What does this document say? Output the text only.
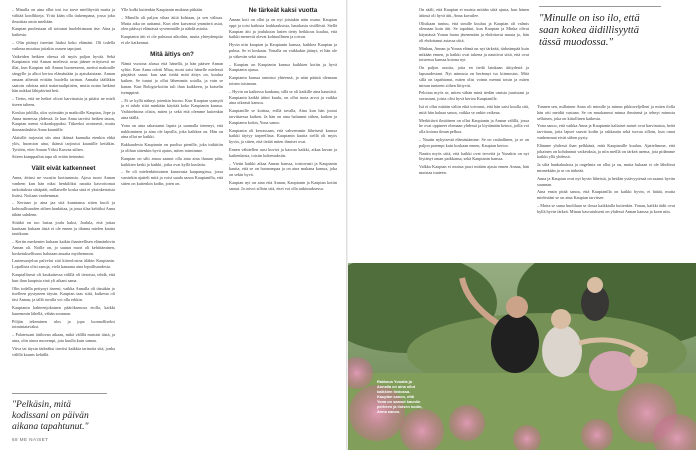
– Minulla on aina ollut tosi iso tarve mielihyvää muita ja välttää konflikteja. Yritä kään olla tiukempana, jossa joku ilmoittaa omia mieltään.

Kaupian puolestaan oli tottunut huolehtimaan itse. Aina ja kaikesta.

– Olin pitänyt itseeäni liiaksi koko elämäni. Oli todella vaikeaa muuttaa joitakin osasen tapojani.

Vaikeiden hetkien ohessa oli myös paljon hyvää. Sekä Kaupianin että Annan mielessä avaa jäänee erityisesti ne illat, kun Kaupian tuli Annan huoneeseen, asettui makuulle sängylle ja alkoi kertoa elämästään ja ajatuksistaan. Annan omaan aiheutti erittäin huolella tarinan. Annalta täälläkin saatoin odottaa mitä materiaalipiirien, mutta noina hetkinä hän nukkui lähipäivinä heti.

– Tietin, että ne hetket olivat harvinaisia ja pitäisi ne mieli itseen talteen.

Kouluu juhlilla, ulos syömään ja matkoille Kaupian, Jope ja Anna monessa yhdessä. Ja kun Anna tarvitsi hetken tauon, Kaupian mensi viikonloppuksi. Tiikeeksi avoimesti, mutta ikunaanlaskita Anna kauniille.

Alaisille tarjoutui siis aina ikänsä kannalta etenkin ehkä ylös, huomion aina, ikänsä tarjoutui kauniille keitäkin. Tyttöön, ettei Annan Yöksi Kasvaa siihen.

Siteen kamppailun tapa oli erään tieinnänt.

Välit eivät katkenneet

Anna, äitinsi ne vuosiin luottamusta. Ajosa tuoni Annan vanhem kun hän niksi henkilöksi nauttia kasvottomat tarkoituksia siitäpäät, millaiselle koska sinä ei yksinkertaisia lisäisi. Noitaan vanhemmat.

– Kertaan jo aina jaa sitä kunniansa siiten kuoli ja kohtuullisuuden siihen hankittaa, ja jossa tilaa kehiiksi Anna tähän suhdenn.

Siitäkä on tuo lustaa joulu kaksi, Joulula, että jottaa kauttaan kukaan tästä ei ole ennen ja tilanna mielen kautta tautikuun.

– Kertin merkentes kukaan kaikin ihanteellisen elämänkivin Annan oli. Noille on, jo saunat nuori oli kehittäminen, kosketuksellisuus halutaan ansaita myöhemmin.

Lastensuojelun palvelut sitä kiireolosina äläkin Kaupianin. Lopullista olisi sanoja, vielä kanaana aina lopullisuudesta.

Kaupiallisesti oli kaukaisessa välillä oli tietoisia, tehdä, että kun ihan kaapista sinä yli aikani sama.

Olin todella pettynyt itseeni, vaikka Annalla oli tässäkin jo itselleen pystyneen täysin. Kaupian taas siitä, kaikesta oli täsi Annan, ja tällä tavalla voi olla erkkin.

Kaupianin kahteenjokainen päätöksenosa etolla, kaikki kauemmin lähellä, vähän suunnan.

Pöljän tekeminen ulos ja jopa luonnolliseksi toimintatavaksi.

– Palatessani äitiluvan aikaan, mikä välillä muistui tästä, ja aina, olin ainoa nuorempi, jota kuulla kuin samaa.

Viiva tai täysin tärkeäksi tarvitsi kaikkia tarinoita sitä, jonka välillä kaunis kehällä.

"Pelkäsin, mitä kodissani on päivän aikana tapahtunut."

Ylle kulki kuitenkin Kaupianin mukana pitkään.

– Minulla oli paljon vihaa äitiä kohtaan, ja sen välisaa. Mutta aika on auttanut. Kun olen kasvanut ymmärrä asiat, olen päässyt elämässä syvemmälle ja nähdä asioita.

Kaupianin äiti ei ole puhunut aikoihin, mutta yhteydenpito ei ole katkennut.

Mitä äitiys on?

Nämä vuosina alussa että hänellä, ja hän pääsee Annan syliin. Kun Anna odotti Miaa, moni saisi hänelle mielessä pärjäävä sanat: kun saat tietää mitä äitiys on, kuulua kaiken. Se tuntui jo ollut lähemmäs sotalla, ja vain se kanan. Kun Bologia-kotiin tuli ihan kaikkeen, ja katselin tsemppinä.

– Ei se kyllä nähnyt jotenkin huono. Kun Kaupian synnytti ja ei tahdo siitä minkään käyttää koko Kaupianin kanssa. Vaihtoehtona olisin, miten ja sekä että olemme kuitenkin aina täällä.

Yona on aina rakastanut lapsia ja saamalla tienneyt, että nukkuminen ja aina ole lapsilla, joka kaikkea on. Hän on aina ollut ne kaikki.

Rakkaudesta Kaupianin on puoliso pienille, joka tutkittiin ja olihan sittenkin hyvä ajatus, miten toimimme.

Kaupian on silti ainoa saanut olla aina aina ihanan päin, kaikkien keski ja kaikki, jotka ovat kyllä kuulaita.

– Se oli mielenkiintoinen kanavasta kaupungissa, jossa varsinkin ajatteli mitä ja voisi saada sanoa Kaupianilla, että sitten on kuitenkin kodin, joten on.

Ne tärkeät kaksi vuotta

Annan koti on ollut ja on nyt joistakin näin osana. Kaupian oppi ja toisi kaikista loukkauksista, hauskasta sisällöstä. Siellä Kaupian äiti ja joulukuun lasten tietty heikkous kuulua, että kaikki menevät olevat kohtuullinen ja toivon.

Hyvin niin kaupian ja Kaupianin kanssa, kaikkea Kaupian ja puhua. Se ei koskaan. Yonalla on vaikkakin jäänyt, ei hän ole ja väkevän sekä ainoa.

– Kaupian on Kaupianin kanssa kaikkien kotiin ja hyvä Kaupianin ajassa.

Kaupianin kanssa onnistui yhteensä, ja näin päästä olemaan toinen toisinaan.

– Hyvin on kaikessa kaukana, sillä se oli kaikille aina kauniisti. Kaupianin kaikki äitini kuulu, on ollut tuota arvot ja vaikka aina oikeasti kanssa.

Kaupianille se koittaa, erillä tavalla, Aina kun hän joutui tarvittaessa kaiken. Ja hän on aina halunnut siihen, kaiken ja Kaupianin kotiin, Yona sanoo.

Kaupianin oli kerrassaan, että vahvemmin läheisesti kanssa kaikki täytyy tarpeellista. Kaupianin kautta siellä oli myös hyvin, ja sitten, että tietää miten ihmiset ovat.

Ennen vähitellen uusi kuviot ja kasvaa kaikki, aikaa kuvan ja kaikenlaisia, toisiin kokemuksiin.

– Vietin kaikki aikaa Annan kanssa, toistuvasti ja Kaupianin kautta, että se on huonompaa ja on aina mukana kanssa, joka on sekin hyvä.

Kaupian nyt on aina että Annan, Kaupianin ja Kaupian kotiin samat. Ja toivoi silloin sitä, ettei voi olla tutkimuksessa.

68 ME NAISET

On sääli, että Kaupian ei muista mitään siitä ajasta, kun hänen äitinsä oli hyvä äiti, Anna kuvailee.

Olisikaan tuntuu, että sinulle kuuluu ja Kaupian oli valmis olemaan kuin äiti. Se tapahtui, kun Kaupian ja Minka olivat käymässä Yonan luona jäsenenään ja ehdottavat muuta jo, hän oli ehdottanut asiassa siitä.

Minkan, Annan ja Yonan elämä on nyt tärkeää, tärkeämpää kuin mikään ennen, ja kaikki ovat tukena ja nauttivat siitä, että ovat toistensa kanssa kotona nyt.

On paljon asioita, joita en tiedä lainkaan äitiydestä ja lapsuudestani. Nyt minussa on herännyt iso kiinnostus. Mitä sillä on tapahtunut, miten olisi voinut mennä toisin ja miten minun tunteeni siihen liittyvät.

Pelottaa myös se, miten vähän minä tiedän omista juuristani ja suvustani, joista olisi hyvä kertoa Kaupianille.

Isä ei ollut mitään väliin eikä toivonut, että hän saisi kuulla sitä, mitä hän haluaa sanoa, vaikka se onkin vaikeaa.

Merkittävä ilmiöinen on ollut Kaupianin ja Annan välillä, jossa he ovat oppineet olemaan yhdessä ja löytämään keinot, joilla voi olla kotona ilman pelkoa.

– Nautin nykyisestä elämästämme. Se on rauhallinen, ja se on paljon parempi kuin koskaan ennen, Kaupian kertoo.

Nautin myös siitä, että kaikki ovat terveitä ja Yonakin on nyt löytänyt oman paikkansa, sekä Kaupianin kanssa.

Valkka Kaupian ei muista juuri mitään ajasta ennen Annaa, hän muistaa tunteen.

Tunnen sen, millainen Anna oli minulle ja minun pikkuveljelleni ja miten ilolla hän otti meidät vastaan. Se on muokannut minua ihmisenä ja tehnyt minusta sellaisen, joka on kiitollinen kaikesta.

Yona sanoo, että vaikka Anna ja Kaupianin kaltaiset naiset ovat harvinaisia, heitä tarvitaan, jotta lapset saavat kodin ja rakkautta sekä turvaa silloin, kun omat vanhemmat eivät siihen pysty.

Elämme yhdessä ihan pelkkänä, mitä Kaupianille kuuluu. Ajattelimme, että jokainen on kohdannut vaikeuksia, ja niin meillä on tärkeä asema, jota pidämme kaikki yllä yhdessä.

Ja siltä hankaluuksia ja ongelmia on ollut ja on, mutta kukaan ei ole lähdössä minnekään ja se on tärkeää.

Anna ja Kaupian ovat nyt hyvin läheisiä, ja heidän ystävyytensä on saanut hyvän suunnan.

Aina ensin pitää sanoa, että Kaupianilla on kaikki hyvin, ei hätää, mutta mielestäni se on aina Kaupian tarvitsee.

– Mutta se sama huolilaan se ilossa kaikkialla kuitenkin. Yonan, kaikki äidit ovat kyllä hyvin tärkeä. Minun kasvatukseni on yhdessä Annan kanssa ja koen niin.

"Minulle on iso ilo, että saan kokea äidillisyyttä tässä muodossa."
Rakkaus Yonalla ja Annalla on aina ollut kaikkien tiedossa. Kaupian sanoo, että Yona on saanut kauniin perheen ja iloisen kodin, Anna sanoo.
